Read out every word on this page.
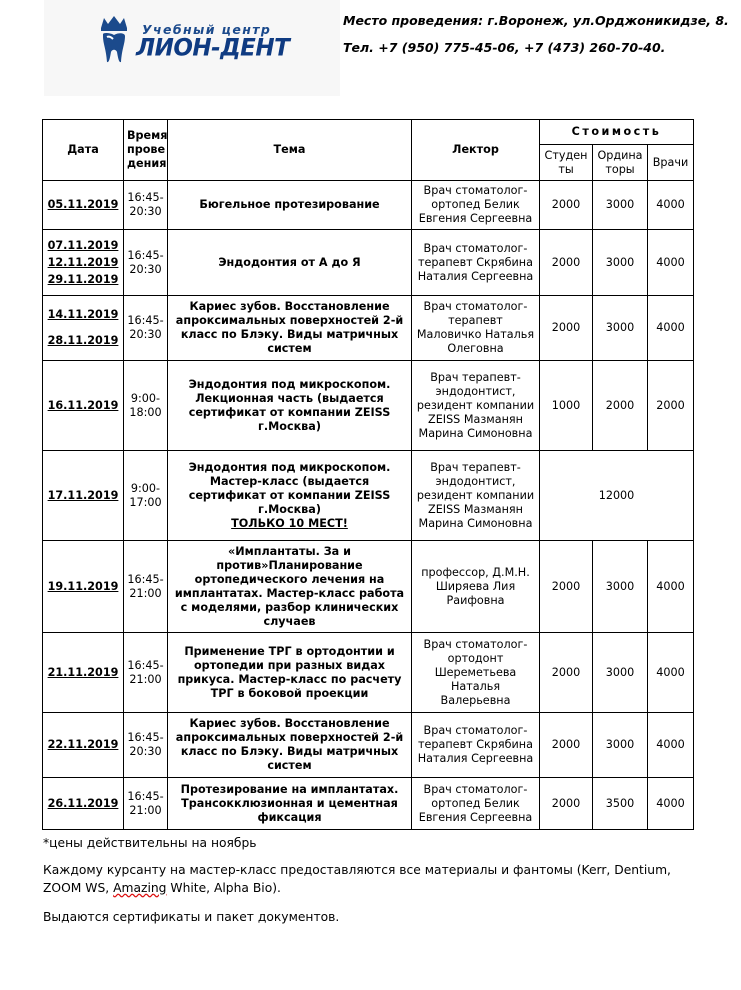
Учебный центр
ЛИОН-ДЕНТ
Место проведения: г.Воронеж, ул.Орджоникидзе, 8.
Тел. +7 (950) 775-45-06, +7 (473) 260-70-40.
Дата	Время прове дения	Тема	Лектор	Стоимость		
				Студен ты	Ордина торы	Врачи

05.11.2019	16:45-20:30	Бюгельное протезирование	Врач стоматолог-ортопед Белик Евгения Сергеевна	2000	3000	4000

07.11.2019
12.11.2019
29.11.2019	16:45-20:30	Эндодонтия от А до Я	Врач стоматолог-терапевт Скрябина Наталия Сергеевна	2000	3000	4000

14.11.2019
28.11.2019	16:45-20:30	Кариес зубов. Восстановление апроксимальных поверхностей 2-й класс по Блэку. Виды матричных систем	Врач стоматолог-терапевт Маловичко Наталья Олеговна	2000	3000	4000

16.11.2019	9:00-18:00	Эндодонтия под микроскопом. Лекционная часть (выдается сертификат от компании ZEISS г.Москва)	Врач терапевт-эндодонтист, резидент компании ZEISS Мазманян Марина Симоновна	1000	2000	2000

17.11.2019	9:00-17:00	Эндодонтия под микроскопом. Мастер-класс (выдается сертификат от компании ZEISS г.Москва)
ТОЛЬКО 10 МЕСТ!	Врач терапевт-эндодонтист, резидент компании ZEISS Мазманян Марина Симоновна	12000		

19.11.2019	16:45-21:00	«Имплантаты. За и против»Планирование ортопедического лечения на имплантатах. Мастер-класс работа с моделями, разбор клинических случаев	профессор, Д.М.Н. Ширяева Лия Раифовна	2000	3000	4000

21.11.2019	16:45-21:00	Применение ТРГ в ортодонтии и ортопедии при разных видах прикуса. Мастер-класс по расчету ТРГ в боковой проекции	Врач стоматолог-ортодонт Шереметьева Наталья Валерьевна	2000	3000	4000

22.11.2019	16:45-20:30	Кариес зубов. Восстановление апроксимальных поверхностей 2-й класс по Блэку. Виды матричных систем	Врач стоматолог-терапевт Скрябина Наталия Сергеевна	2000	3000	4000

26.11.2019	16:45-21:00	Протезирование на имплантатах. Трансокклюзионная и цементная фиксация	Врач стоматолог-ортопед Белик Евгения Сергеевна	2000	3500	4000

*цены действительны на ноябрь

Каждому курсанту на мастер-класс предоставляются все материалы и фантомы (Kerr, Dentium, ZOOM WS, Amazing White, Alpha Bio).

Выдаются сертификаты и пакет документов.
